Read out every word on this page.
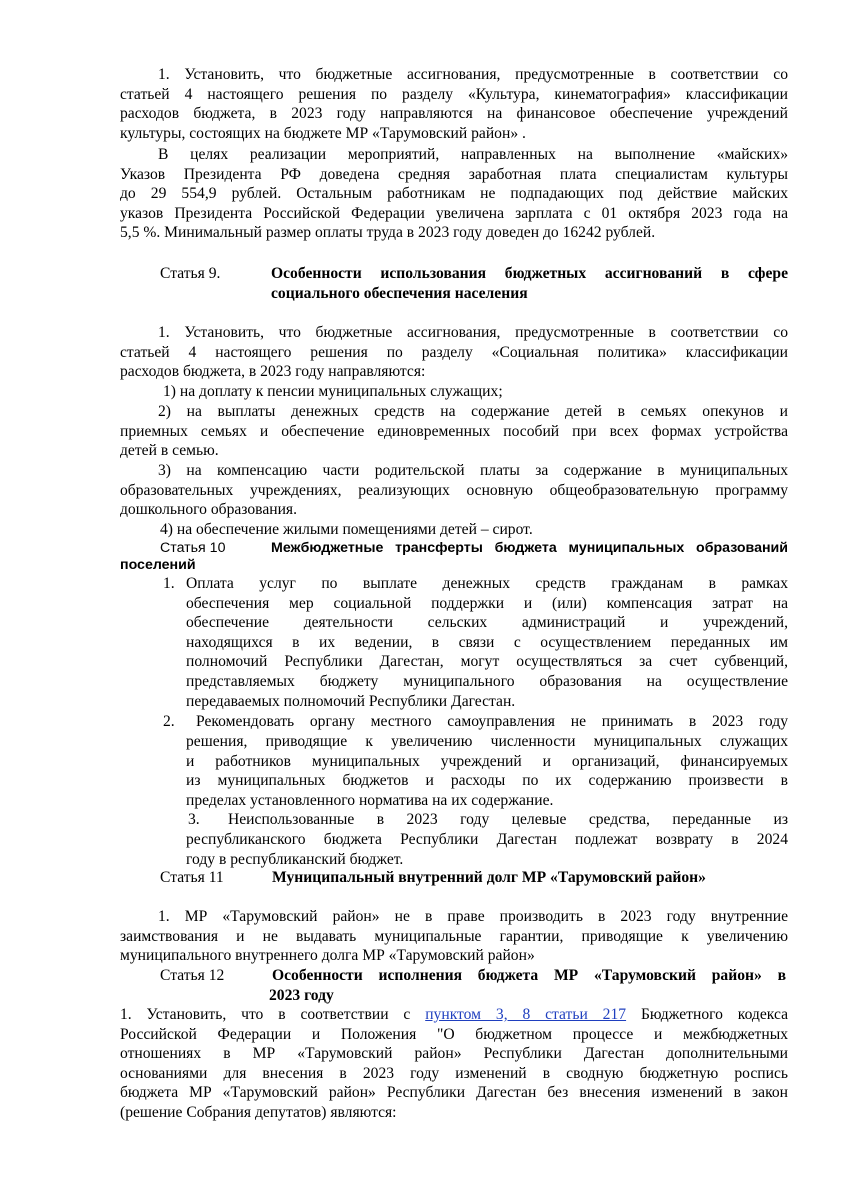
1. Установить, что бюджетные ассигнования, предусмотренные в соответствии со
статьей 4 настоящего решения по разделу «Культура, кинематография» классификации
расходов бюджета, в 2023 году направляются на финансовое обеспечение учреждений
культуры, состоящих на бюджете МР «Тарумовский район» .
В целях реализации мероприятий, направленных на выполнение «майских»
Указов Президента РФ доведена средняя заработная плата специалистам культуры
до 29 554,9 рублей. Остальным работникам не подпадающих под действие майских
указов Президента Российской Федерации увеличена зарплата с 01 октября 2023 года на
5,5 %. Минимальный размер оплаты труда в 2023 году доведен до 16242 рублей.
Статья 9.	Особенности использования бюджетных ассигнований в сфере
социального обеспечения населения
1. Установить, что бюджетные ассигнования, предусмотренные в соответствии со
статьей 4 настоящего решения по разделу «Социальная политика» классификации
расходов бюджета, в 2023 году направляются:
1) на доплату к пенсии муниципальных служащих;
2) на выплаты денежных средств на содержание детей в семьях опекунов и
приемных семьях и обеспечение единовременных пособий при всех формах устройства
детей в семью.
3) на компенсацию части родительской платы за содержание в муниципальных
образовательных учреждениях, реализующих основную общеобразовательную программу
дошкольного образования.
4) на обеспечение жилыми помещениями детей – сирот.
Статья 10	Межбюджетные трансферты бюджета муниципальных образований
поселений
1. Оплата услуг по выплате денежных средств гражданам в рамках
обеспечения мер социальной поддержки и (или) компенсация затрат на
обеспечение деятельности сельских администраций и учреждений,
находящихся в их ведении, в связи с осуществлением переданных им
полномочий Республики Дагестан, могут осуществляться за счет субвенций,
представляемых бюджету муниципального образования на осуществление
передаваемых полномочий Республики Дагестан.
2. Рекомендовать органу местного самоуправления не принимать в 2023 году
решения, приводящие к увеличению численности муниципальных служащих
и работников муниципальных учреждений и организаций, финансируемых
из муниципальных бюджетов и расходы по их содержанию произвести в
пределах установленного норматива на их содержание.
3. Неиспользованные в 2023 году целевые средства, переданные из
республиканского бюджета Республики Дагестан подлежат возврату в 2024
году в республиканский бюджет.
Статья 11	Муниципальный внутренний долг МР «Тарумовский район»
1. МР «Тарумовский район» не в праве производить в 2023 году внутренние
заимствования и не выдавать муниципальные гарантии, приводящие к увеличению
муниципального внутреннего долга МР «Тарумовский район»
Статья 12	Особенности исполнения бюджета МР «Тарумовский район» в
2023 году
1. Установить, что в соответствии с пунктом 3, 8 статьи 217 Бюджетного кодекса
Российской Федерации и Положения "О бюджетном процессе и межбюджетных
отношениях в МР «Тарумовский район» Республики Дагестан дополнительными
основаниями для внесения в 2023 году изменений в сводную бюджетную роспись
бюджета МР «Тарумовский район» Республики Дагестан без внесения изменений в закон
(решение Собрания депутатов) являются:
